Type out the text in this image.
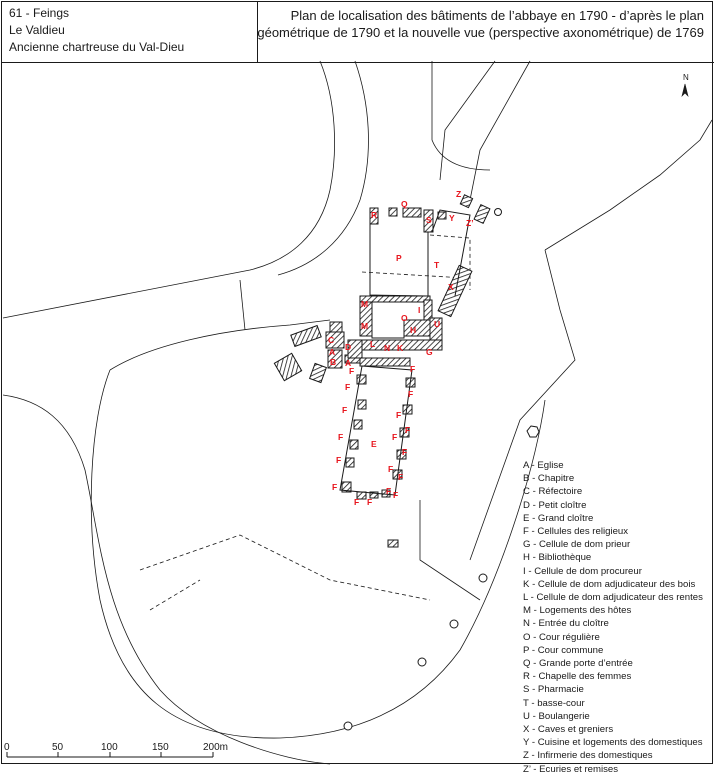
61 - Feings
Le Valdieu
Ancienne chartreuse du Val-Dieu
Plan de localisation des bâtiments de l’abbaye en 1790 - d’après le plan
géométrique de 1790 et la nouvelle vue (perspective axonométrique) de 1769
N
Q
R	S
Z
Y Z’
P
T
X
M
M
O
I
U
H
G
K
L N
D
C
A
B A
E
F	F
F
F
F	F
F	F
F
F
F
F F
F
F
F
F
F
0	50	100	150	200m
A - Eglise
B - Chapitre
C - Réfectoire
D - Petit cloître
E - Grand cloître
F - Cellules des religieux
G - Cellule de dom prieur
H - Bibliothèque
I - Cellule de dom procureur
K - Cellule de dom adjudicateur des bois
L - Cellule de dom adjudicateur des rentes
M - Logements des hôtes
N - Entrée du cloître
O - Cour régulière
P - Cour commune
Q - Grande porte d’entrée
R - Chapelle des femmes
S - Pharmacie
T - basse-cour
U - Boulangerie
X - Caves et greniers
Y - Cuisine et logements des domestiques
Z - Infirmerie des domestiques
Z’ - Ecuries et remises
